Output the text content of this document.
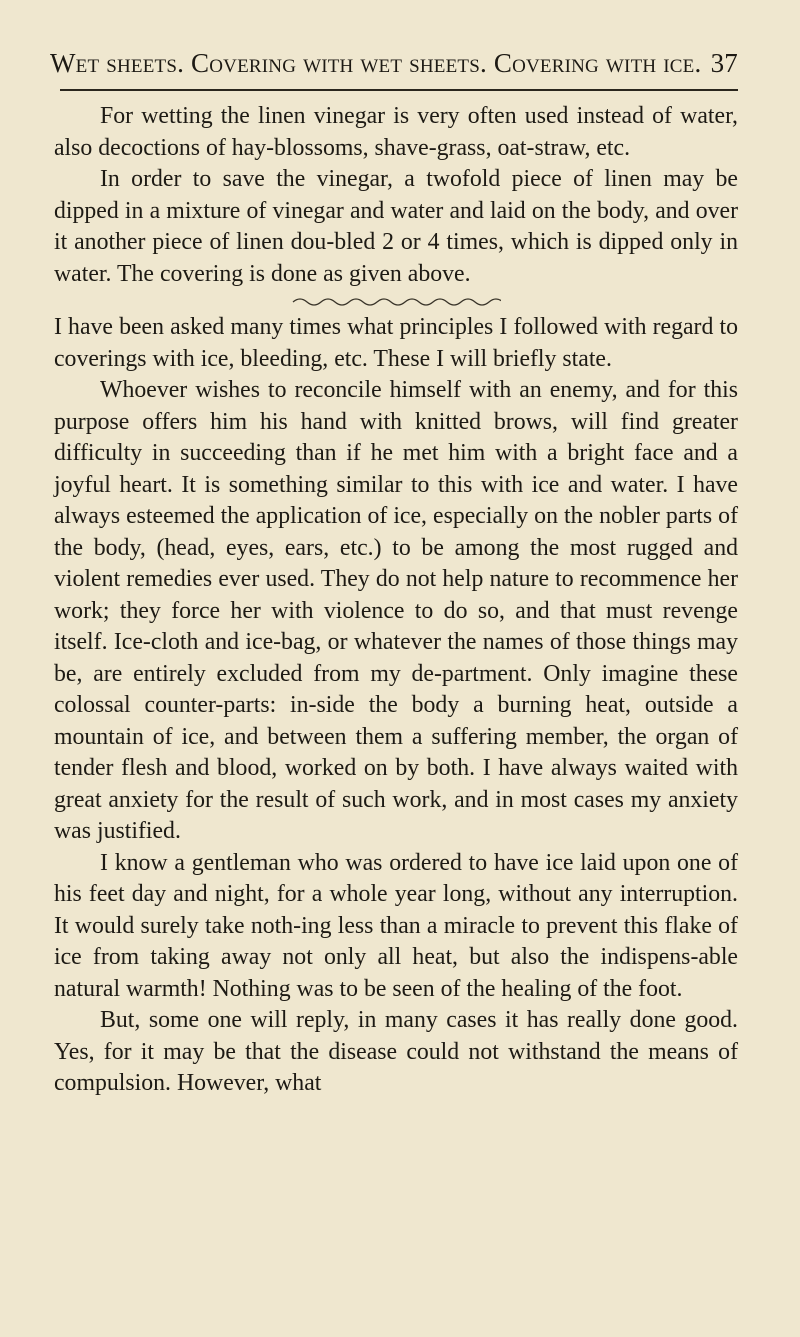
Wet sheets. Covering with wet sheets. Covering with ice. 37

For wetting the linen vinegar is very often used instead of water, also decoctions of hay-blossoms, shave-grass, oat-straw, etc.

In order to save the vinegar, a twofold piece of linen may be dipped in a mixture of vinegar and water and laid on the body, and over it another piece of linen dou-bled 2 or 4 times, which is dipped only in water. The covering is done as given above.

I have been asked many times what principles I followed with regard to coverings with ice, bleeding, etc. These I will briefly state.

Whoever wishes to reconcile himself with an enemy, and for this purpose offers him his hand with knitted brows, will find greater difficulty in succeeding than if he met him with a bright face and a joyful heart. It is something similar to this with ice and water. I have always esteemed the application of ice, especially on the nobler parts of the body, (head, eyes, ears, etc.) to be among the most rugged and violent remedies ever used. They do not help nature to recommence her work; they force her with violence to do so, and that must revenge itself. Ice-cloth and ice-bag, or whatever the names of those things may be, are entirely excluded from my de-partment. Only imagine these colossal counter-parts: in-side the body a burning heat, outside a mountain of ice, and between them a suffering member, the organ of tender flesh and blood, worked on by both. I have always waited with great anxiety for the result of such work, and in most cases my anxiety was justified.

I know a gentleman who was ordered to have ice laid upon one of his feet day and night, for a whole year long, without any interruption. It would surely take noth-ing less than a miracle to prevent this flake of ice from taking away not only all heat, but also the indispens-able natural warmth! Nothing was to be seen of the healing of the foot.

But, some one will reply, in many cases it has really done good. Yes, for it may be that the disease could not withstand the means of compulsion. However, what
